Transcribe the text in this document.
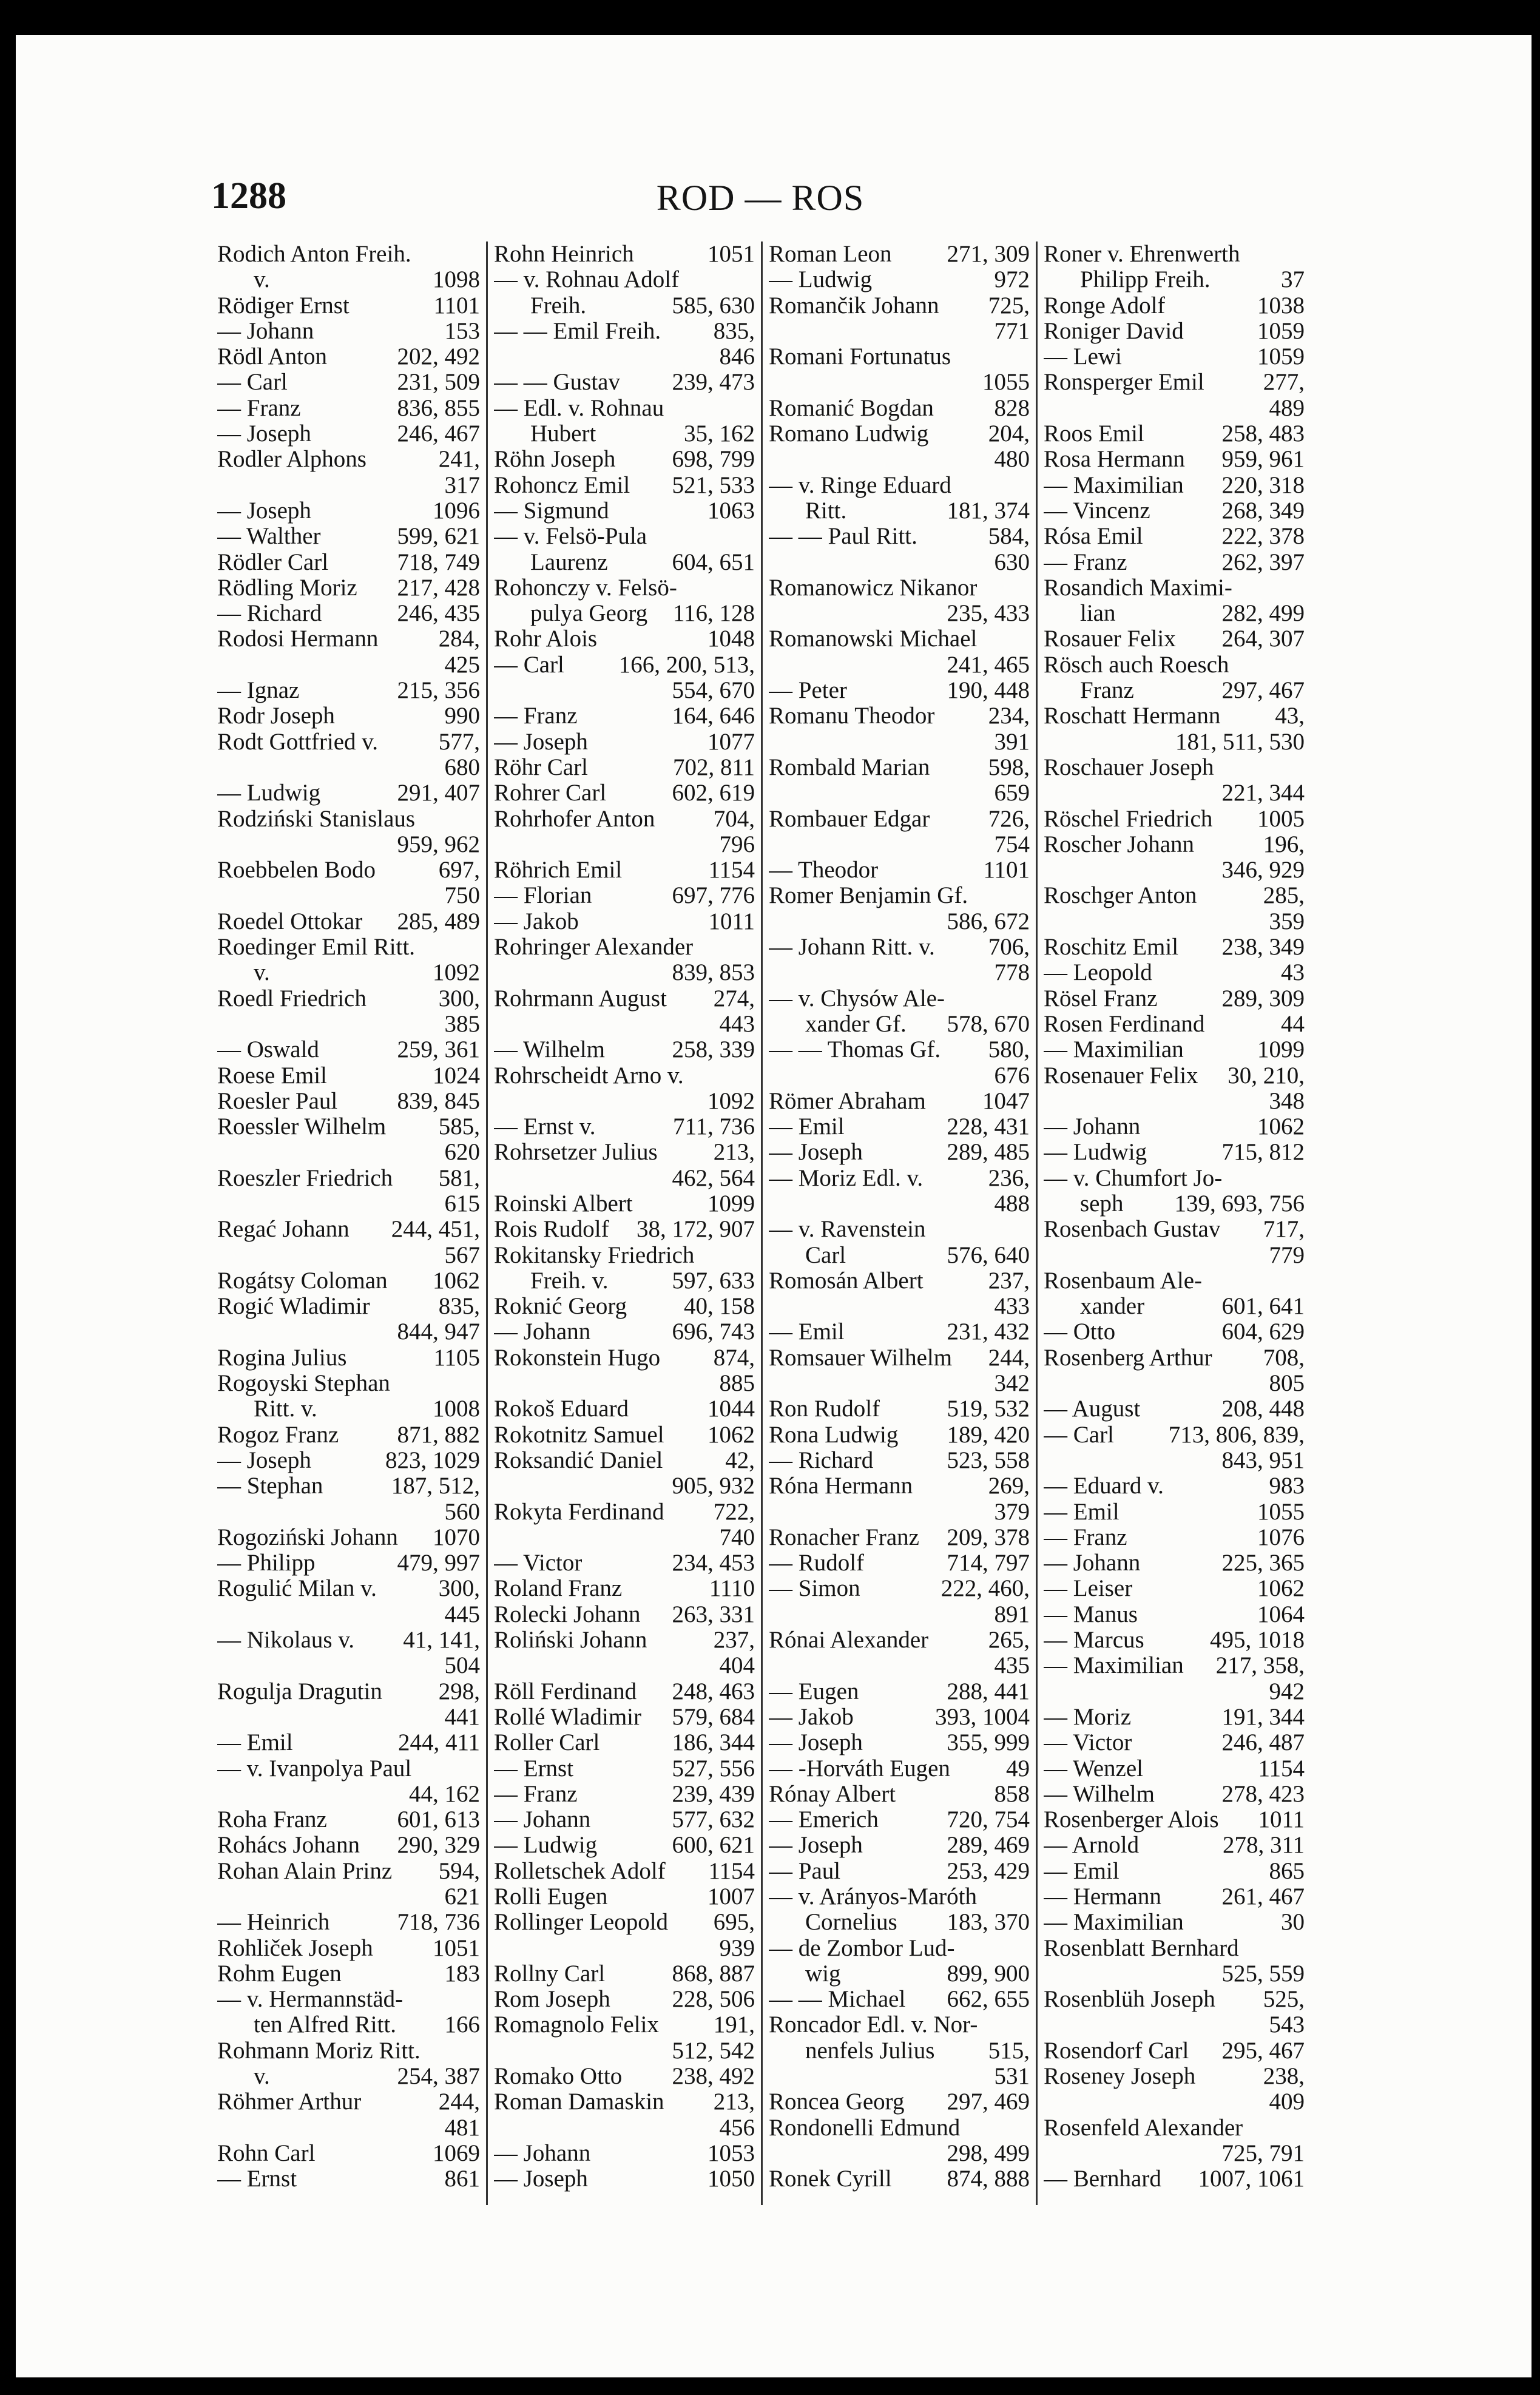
1288	ROD — ROS
Rodich Anton Freih.
v.	1098
Rödiger Ernst	1101
— Johann	153
Rödl Anton	202, 492
— Carl	231, 509
— Franz	836, 855
— Joseph	246, 467
Rodler Alphons	241,
317
— Joseph	1096
— Walther	599, 621
Rödler Carl	718, 749
Rödling Moriz 217, 428
— Richard	246, 435
Rodosi Hermann	284,
425
— Ignaz	215, 356
Rodr Joseph	990
Rodt Gottfried v.	577,
680
— Ludwig	291, 407
Rodziński Stanislaus
959, 962
Roebbelen Bodo	697,
750
Roedel Ottokar 285, 489
Roedinger Emil Ritt.
v.	1092
Roedl Friedrich	300,
385
— Oswald	259, 361
Roese Emil	1024
Roesler Paul	839, 845
Roessler Wilhelm 585,
620
Roeszler Friedrich 581,
615
Regać Johann 244, 451,
567
Rogátsy Coloman 1062
Rogić Wladimir	835,
844, 947
Rogina Julius	1105
Rogoyski Stephan
Ritt. v.	1008
Rogoz Franz 871, 882
— Joseph	823, 1029
— Stephan	187, 512,
560
Rogoziński Johann 1070
— Philipp	479, 997
Rogulić Milan v.	300,
445
— Nikolaus v. 41, 141,
504
Rogulja Dragutin 298,
441
— Emil	244, 411
— v. Ivanpolya Paul
44, 162
Roha Franz	601, 613
Rohács Johann 290, 329
Rohan Alain Prinz 594,
621
— Heinrich	718, 736
Rohliček Joseph	1051
Rohm Eugen	183
— v. Hermannstäd-
ten Alfred Ritt. 166
Rohmann Moriz Ritt.
v.	254, 387
Röhmer Arthur	244,
481
Rohn Carl	1069
— Ernst	861
Rohn Heinrich	1051
— v. Rohnau Adolf
Freih.	585, 630
— — Emil Freih. 835,
846
— — Gustav 239, 473
— Edl. v. Rohnau
Hubert	35, 162
Röhn Joseph 698, 799
Rohoncz Emil 521, 533
— Sigmund	1063
— v. Felsö-Pula
Laurenz	604, 651
Rohonczy v. Felsö-
pulya Georg 116, 128
Rohr Alois	1048
— Carl 166, 200, 513,
554, 670
— Franz	164, 646
— Joseph	1077
Röhr Carl	702, 811
Rohrer Carl	602, 619
Rohrhofer Anton 704,
796
Röhrich Emil	1154
— Florian	697, 776
— Jakob	1011
Rohringer Alexander
839, 853
Rohrmann August 274,
443
— Wilhelm	258, 339
Rohrscheidt Arno v.
1092
— Ernst v.	711, 736
Rohrsetzer Julius 213,
462, 564
Roinski Albert	1099
Rois Rudolf 38, 172, 907
Rokitansky Friedrich
Freih. v.	597, 633
Roknić Georg 40, 158
— Johann	696, 743
Rokonstein Hugo 874,
885
Rokoš Eduard	1044
Rokotnitz Samuel 1062
Roksandić Daniel	42,
905, 932
Rokyta Ferdinand 722,
740
— Victor	234, 453
Roland Franz	1110
Rolecki Johann 263, 331
Roliński Johann	237,
404
Röll Ferdinand 248, 463
Rollé Wladimir 579, 684
Roller Carl	186, 344
— Ernst	527, 556
— Franz	239, 439
— Johann	577, 632
— Ludwig	600, 621
Rolletschek Adolf 1154
Rolli Eugen	1007
Rollinger Leopold 695,
939
Rollny Carl	868, 887
Rom Joseph	228, 506
Romagnolo Felix 191,
512, 542
Romako Otto 238, 492
Roman Damaskin 213,
456
— Johann	1053
— Joseph	1050
Roman Leon 271, 309
— Ludwig	972
Romančik Johann 725,
771
Romani Fortunatus
1055
Romanić Bogdan	828
Romano Ludwig	204,
480
— v. Ringe Eduard
Ritt.	181, 374
— — Paul Ritt.	584,
630
Romanowicz Nikanor
235, 433
Romanowski Michael
241, 465
— Peter	190, 448
Romanu Theodor 234,
391
Rombald Marian 598,
659
Rombauer Edgar 726,
754
— Theodor	1101
Romer Benjamin Gf.
586, 672
— Johann Ritt. v. 706,
778
— v. Chysów Ale-
xander Gf. 578, 670
— — Thomas Gf. 580,
676
Römer Abraham 1047
— Emil	228, 431
— Joseph	289, 485
— Moriz Edl. v.	236,
488
— v. Ravenstein
Carl	576, 640
Romosán Albert	237,
433
— Emil	231, 432
Romsauer Wilhelm 244,
342
Ron Rudolf	519, 532
Rona Ludwig 189, 420
— Richard	523, 558
Róna Hermann	269,
379
Ronacher Franz 209, 378
— Rudolf	714, 797
— Simon	222, 460,
891
Rónai Alexander	265,
435
— Eugen	288, 441
— Jakob	393, 1004
— Joseph	355, 999
— -Horváth Eugen 49
Rónay Albert	858
— Emerich	720, 754
— Joseph	289, 469
— Paul	253, 429
— v. Arányos-Maróth
Cornelius 183, 370
— de Zombor Lud-
wig	899, 900
— — Michael 662, 655
Roncador Edl. v. Nor-
nenfels Julius 515,
531
Roncea Georg 297, 469
Rondonelli Edmund
298, 499
Ronek Cyrill 874, 888
Roner v. Ehrenwerth
Philipp Freih.	37
Ronge Adolf	1038
Roniger David	1059
— Lewi	1059
Ronsperger Emil 277,
489
Roos Emil	258, 483
Rosa Hermann 959, 961
— Maximilian 220, 318
— Vincenz	268, 349
Rósa Emil	222, 378
— Franz	262, 397
Rosandich Maximi-
lian	282, 499
Rosauer Felix 264, 307
Rösch auch Roesch
Franz	297, 467
Roschatt Hermann 43,
181, 511, 530
Roschauer Joseph
221, 344
Röschel Friedrich 1005
Roscher Johann	196,
346, 929
Roschger Anton	285,
359
Roschitz Emil 238, 349
— Leopold	43
Rösel Franz	289, 309
Rosen Ferdinand	44
— Maximilian	1099
Rosenauer Felix 30, 210,
348
— Johann	1062
— Ludwig	715, 812
— v. Chumfort Jo-
seph 139, 693, 756
Rosenbach Gustav 717,
779
Rosenbaum Ale-
xander	601, 641
— Otto	604, 629
Rosenberg Arthur 708,
805
— August	208, 448
— Carl 713, 806, 839,
843, 951
— Eduard v.	983
— Emil	1055
— Franz	1076
— Johann	225, 365
— Leiser	1062
— Manus	1064
— Marcus	495, 1018
— Maximilian 217, 358,
942
— Moriz	191, 344
— Victor	246, 487
— Wenzel	1154
— Wilhelm	278, 423
Rosenberger Alois 1011
— Arnold	278, 311
— Emil	865
— Hermann	261, 467
— Maximilian	30
Rosenblatt Bernhard
525, 559
Rosenblüh Joseph 525,
543
Rosendorf Carl 295, 467
Roseney Joseph	238,
409
Rosenfeld Alexander
725, 791
— Bernhard 1007, 1061
